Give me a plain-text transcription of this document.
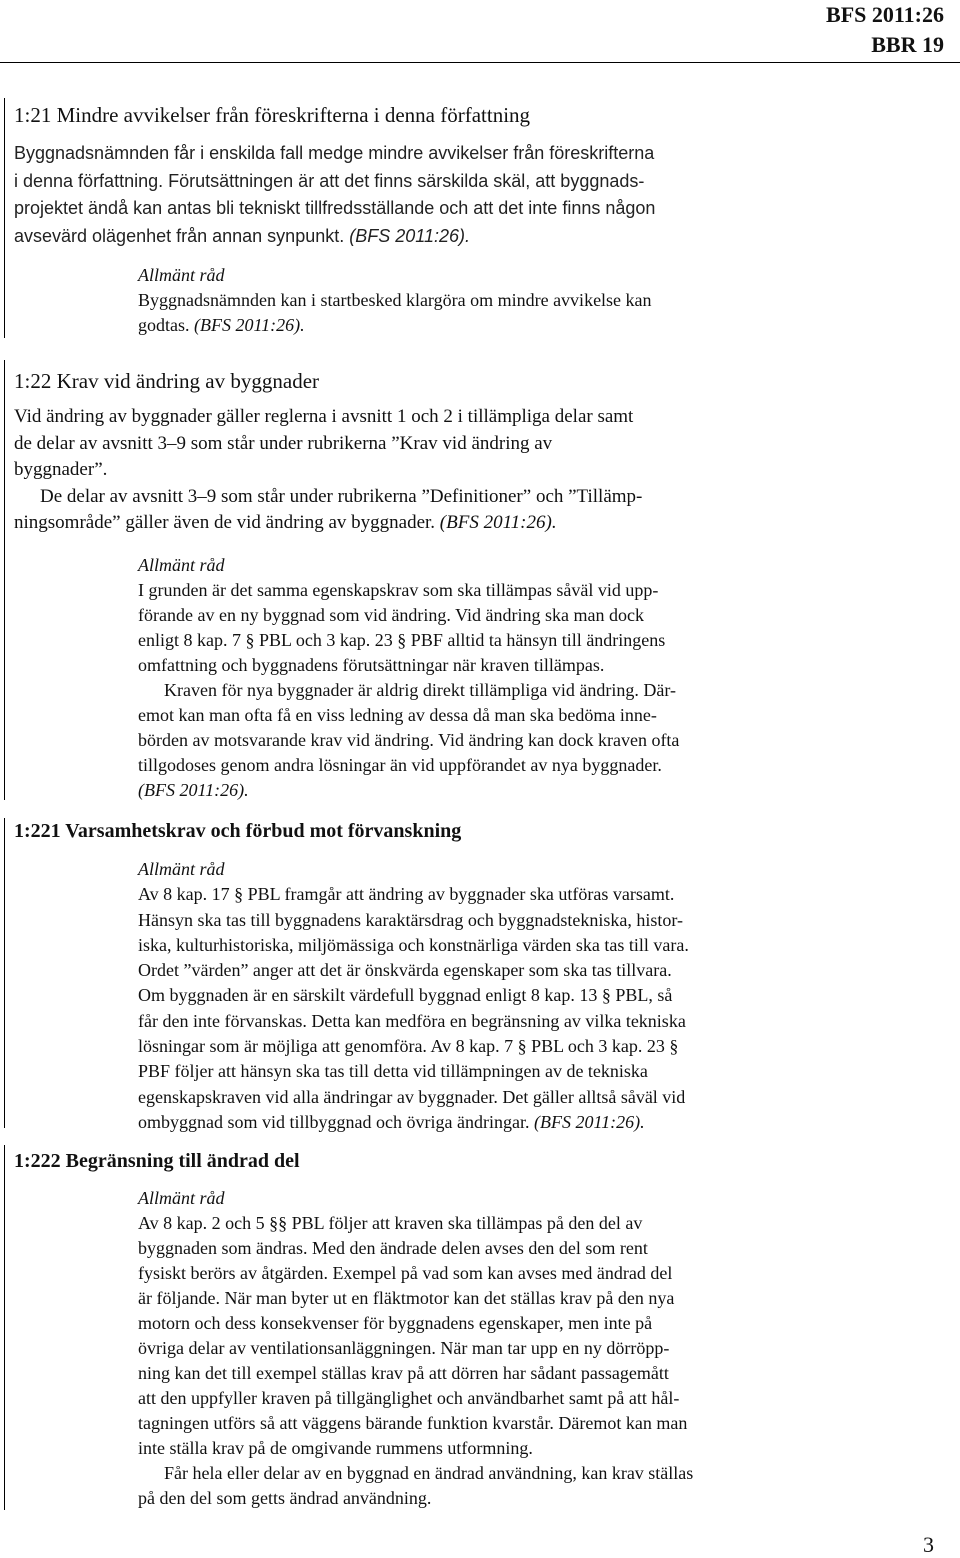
BFS 2011:26
BBR 19
1:21 Mindre avvikelser från föreskrifterna i denna författning
Byggnadsnämnden får i enskilda fall medge mindre avvikelser från föreskrifterna
i denna författning. Förutsättningen är att det finns särskilda skäl, att byggnads-
projektet ändå kan antas bli tekniskt tillfredsställande och att det inte finns någon
avsevärd olägenhet från annan synpunkt. (BFS 2011:26).
Allmänt råd
Byggnadsnämnden kan i startbesked klargöra om mindre avvikelse kan
godtas. (BFS 2011:26).
1:22 Krav vid ändring av byggnader
Vid ändring av byggnader gäller reglerna i avsnitt 1 och 2 i tillämpliga delar samt
de delar av avsnitt 3–9 som står under rubrikerna ”Krav vid ändring av
byggnader”.
De delar av avsnitt 3–9 som står under rubrikerna ”Definitioner” och ”Tillämp-
ningsområde” gäller även de vid ändring av byggnader. (BFS 2011:26).
Allmänt råd
I grunden är det samma egenskapskrav som ska tillämpas såväl vid upp-
förande av en ny byggnad som vid ändring. Vid ändring ska man dock
enligt 8 kap. 7 § PBL och 3 kap. 23 § PBF alltid ta hänsyn till ändringens
omfattning och byggnadens förutsättningar när kraven tillämpas.
Kraven för nya byggnader är aldrig direkt tillämpliga vid ändring. Där-
emot kan man ofta få en viss ledning av dessa då man ska bedöma inne-
börden av motsvarande krav vid ändring. Vid ändring kan dock kraven ofta
tillgodoses genom andra lösningar än vid uppförandet av nya byggnader.
(BFS 2011:26).
1:221 Varsamhetskrav och förbud mot förvanskning
Allmänt råd
Av 8 kap. 17 § PBL framgår att ändring av byggnader ska utföras varsamt.
Hänsyn ska tas till byggnadens karaktärsdrag och byggnadstekniska, histor-
iska, kulturhistoriska, miljömässiga och konstnärliga värden ska tas till vara.
Ordet ”värden” anger att det är önskvärda egenskaper som ska tas tillvara.
Om byggnaden är en särskilt värdefull byggnad enligt 8 kap. 13 § PBL, så
får den inte förvanskas. Detta kan medföra en begränsning av vilka tekniska
lösningar som är möjliga att genomföra. Av 8 kap. 7 § PBL och 3 kap. 23 §
PBF följer att hänsyn ska tas till detta vid tillämpningen av de tekniska
egenskapskraven vid alla ändringar av byggnader. Det gäller alltså såväl vid
ombyggnad som vid tillbyggnad och övriga ändringar. (BFS 2011:26).
1:222 Begränsning till ändrad del
Allmänt råd
Av 8 kap. 2 och 5 §§ PBL följer att kraven ska tillämpas på den del av
byggnaden som ändras. Med den ändrade delen avses den del som rent
fysiskt berörs av åtgärden. Exempel på vad som kan avses med ändrad del
är följande. När man byter ut en fläktmotor kan det ställas krav på den nya
motorn och dess konsekvenser för byggnadens egenskaper, men inte på
övriga delar av ventilationsanläggningen. När man tar upp en ny dörröpp-
ning kan det till exempel ställas krav på att dörren har sådant passagemått
att den uppfyller kraven på tillgänglighet och användbarhet samt på att hål-
tagningen utförs så att väggens bärande funktion kvarstår. Däremot kan man
inte ställa krav på de omgivande rummens utformning.
Får hela eller delar av en byggnad en ändrad användning, kan krav ställas
på den del som getts ändrad användning.
3
